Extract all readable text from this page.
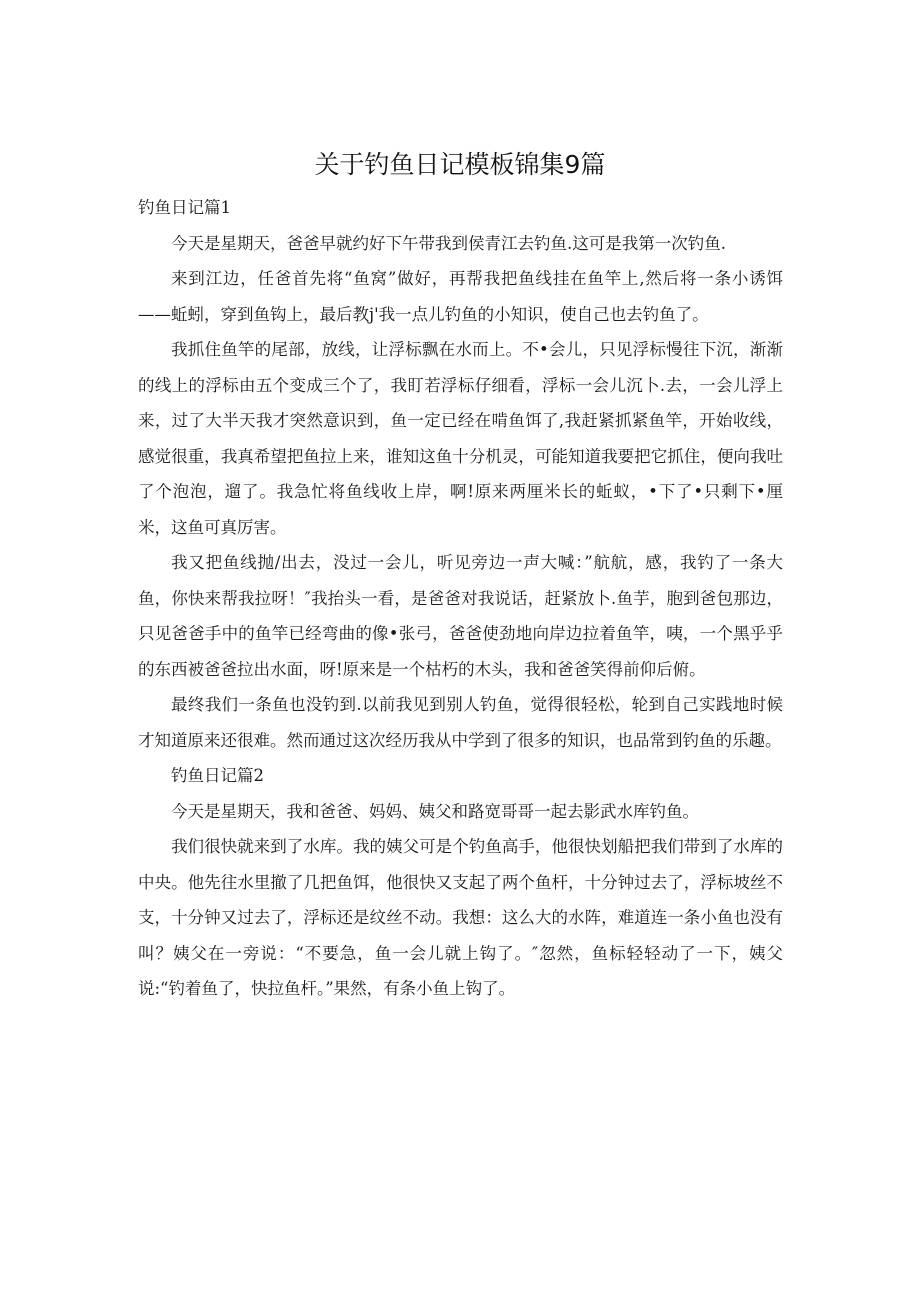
关于钓鱼日记模板锦集9篇

钓鱼日记篇1

今天是星期天，爸爸早就约好下午带我到侯青江去钓鱼.这可是我第一次钓鱼.

来到江边，任爸首先将“鱼窝”做好，再帮我把鱼线挂在鱼竿上,然后将一条小诱饵——蚯蚓，穿到鱼钩上，最后教j'我一点儿钓鱼的小知识，使自己也去钓鱼了。

我抓住鱼竿的尾部，放线，让浮标飘在水而上。不•会儿，只见浮标慢往下沉，渐渐的线上的浮标由五个变成三个了，我盯若浮标仔细看，浮标一会儿沉卜.去，一会儿浮上来，过了大半天我才突然意识到，鱼一定已经在啃鱼饵了,我赶紧抓紧鱼竿，开始收线，感觉很重，我真希望把鱼拉上来，谁知这鱼十分机灵，可能知道我要把它抓住，便向我吐了个泡泡，遛了。我急忙将鱼线收上岸，啊!原来两厘米长的蚯蚁，•下了•只剩下•厘米，这鱼可真厉害。

我又把鱼线抛/出去，没过一会儿，听见旁边一声大喊：”航航，感，我钓了一条大鱼，你快来帮我拉呀！″我抬头一看，是爸爸对我说话，赶紧放卜.鱼芋，胞到爸包那边，只见爸爸手中的鱼竿已经弯曲的像•张弓，爸爸使劲地向岸边拉着鱼竿，咦，一个黑乎乎的东西被爸爸拉出水面，呀!原来是一个枯朽的木头，我和爸爸笑得前仰后俯。

最终我们一条鱼也没钓到.以前我见到别人钓鱼，觉得很轻松，轮到自己实践地时候才知道原来还很难。然而通过这次经历我从中学到了很多的知识，也品常到钓鱼的乐趣。

钓鱼日记篇2

今天是星期天，我和爸爸、妈妈、姨父和路宽哥哥一起去影武水库钓鱼。

我们很快就来到了水库。我的姨父可是个钓鱼高手，他很快划船把我们带到了水库的中央。他先往水里撤了几把鱼饵，他很快又支起了两个鱼杆，十分钟过去了，浮标坡丝不支，十分钟又过去了，浮标还是纹丝不动。我想：这么大的水阵，难道连一条小鱼也没有叫？姨父在一旁说：“不要急，鱼一会儿就上钩了。″忽然，鱼标轻轻动了一下，姨父说:“钓着鱼了，快拉鱼杆。”果然，有条小鱼上钩了。
